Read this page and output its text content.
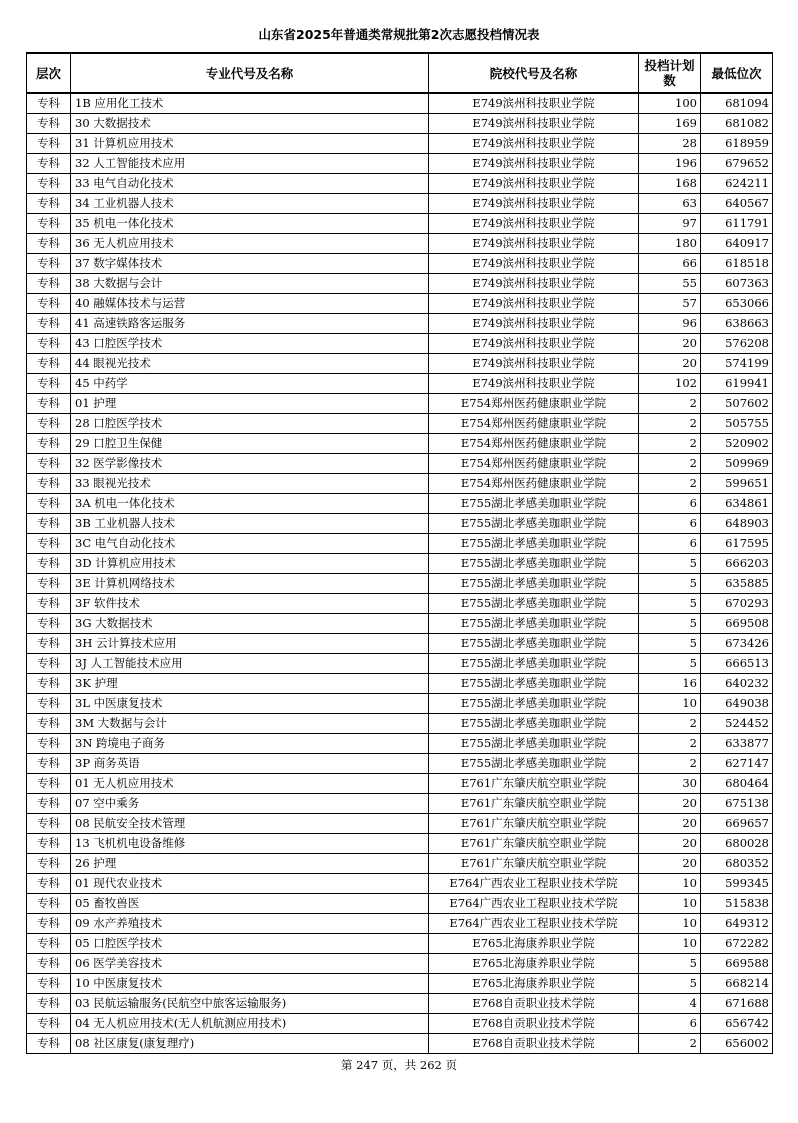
山东省2025年普通类常规批第2次志愿投档情况表
层次	专业代号及名称	院校代号及名称	投档计划数	最低位次
专科	1B 应用化工技术	E749滨州科技职业学院	100	681094
专科	30 大数据技术	E749滨州科技职业学院	169	681082
专科	31 计算机应用技术	E749滨州科技职业学院	28	618959
专科	32 人工智能技术应用	E749滨州科技职业学院	196	679652
专科	33 电气自动化技术	E749滨州科技职业学院	168	624211
专科	34 工业机器人技术	E749滨州科技职业学院	63	640567
专科	35 机电一体化技术	E749滨州科技职业学院	97	611791
专科	36 无人机应用技术	E749滨州科技职业学院	180	640917
专科	37 数字媒体技术	E749滨州科技职业学院	66	618518
专科	38 大数据与会计	E749滨州科技职业学院	55	607363
专科	40 融媒体技术与运营	E749滨州科技职业学院	57	653066
专科	41 高速铁路客运服务	E749滨州科技职业学院	96	638663
专科	43 口腔医学技术	E749滨州科技职业学院	20	576208
专科	44 眼视光技术	E749滨州科技职业学院	20	574199
专科	45 中药学	E749滨州科技职业学院	102	619941
专科	01 护理	E754郑州医药健康职业学院	2	507602
专科	28 口腔医学技术	E754郑州医药健康职业学院	2	505755
专科	29 口腔卫生保健	E754郑州医药健康职业学院	2	520902
专科	32 医学影像技术	E754郑州医药健康职业学院	2	509969
专科	33 眼视光技术	E754郑州医药健康职业学院	2	599651
专科	3A 机电一体化技术	E755湖北孝感美珈职业学院	6	634861
专科	3B 工业机器人技术	E755湖北孝感美珈职业学院	6	648903
专科	3C 电气自动化技术	E755湖北孝感美珈职业学院	6	617595
专科	3D 计算机应用技术	E755湖北孝感美珈职业学院	5	666203
专科	3E 计算机网络技术	E755湖北孝感美珈职业学院	5	635885
专科	3F 软件技术	E755湖北孝感美珈职业学院	5	670293
专科	3G 大数据技术	E755湖北孝感美珈职业学院	5	669508
专科	3H 云计算技术应用	E755湖北孝感美珈职业学院	5	673426
专科	3J 人工智能技术应用	E755湖北孝感美珈职业学院	5	666513
专科	3K 护理	E755湖北孝感美珈职业学院	16	640232
专科	3L 中医康复技术	E755湖北孝感美珈职业学院	10	649038
专科	3M 大数据与会计	E755湖北孝感美珈职业学院	2	524452
专科	3N 跨境电子商务	E755湖北孝感美珈职业学院	2	633877
专科	3P 商务英语	E755湖北孝感美珈职业学院	2	627147
专科	01 无人机应用技术	E761广东肇庆航空职业学院	30	680464
专科	07 空中乘务	E761广东肇庆航空职业学院	20	675138
专科	08 民航安全技术管理	E761广东肇庆航空职业学院	20	669657
专科	13 飞机机电设备维修	E761广东肇庆航空职业学院	20	680028
专科	26 护理	E761广东肇庆航空职业学院	20	680352
专科	01 现代农业技术	E764广西农业工程职业技术学院	10	599345
专科	05 畜牧兽医	E764广西农业工程职业技术学院	10	515838
专科	09 水产养殖技术	E764广西农业工程职业技术学院	10	649312
专科	05 口腔医学技术	E765北海康养职业学院	10	672282
专科	06 医学美容技术	E765北海康养职业学院	5	669588
专科	10 中医康复技术	E765北海康养职业学院	5	668214
专科	03 民航运输服务(民航空中旅客运输服务)	E768自贡职业技术学院	4	671688
专科	04 无人机应用技术(无人机航测应用技术)	E768自贡职业技术学院	6	656742
专科	08 社区康复(康复理疗)	E768自贡职业技术学院	2	656002
第 247 页，共 262 页
